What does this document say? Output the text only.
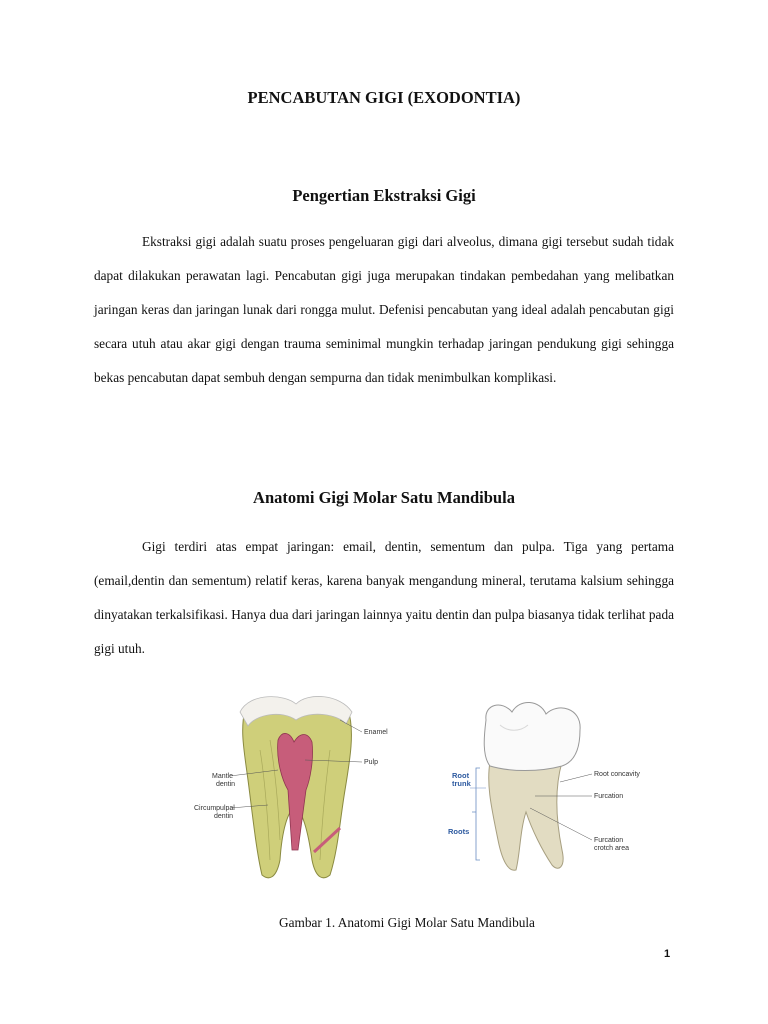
PENCABUTAN GIGI (EXODONTIA)
Pengertian Ekstraksi Gigi

Ekstraksi gigi adalah suatu proses pengeluaran gigi dari alveolus, dimana gigi tersebut sudah tidak dapat dilakukan perawatan lagi. Pencabutan gigi juga merupakan tindakan pembedahan yang melibatkan jaringan keras dan jaringan lunak dari rongga mulut. Defenisi pencabutan yang ideal adalah pencabutan gigi secara utuh atau akar gigi dengan trauma seminimal mungkin terhadap jaringan pendukung gigi sehingga bekas pencabutan dapat sembuh dengan sempurna dan tidak menimbulkan komplikasi.

Anatomi Gigi Molar Satu Mandibula

Gigi terdiri atas empat jaringan: email, dentin, sementum dan pulpa. Tiga yang pertama (email,dentin dan sementum) relatif keras, karena banyak mengandung mineral, terutama kalsium sehingga dinyatakan terkalsifikasi. Hanya dua dari jaringan lainnya yaitu dentin dan pulpa biasanya tidak terlihat pada gigi utuh.

Enamel
Pulp
Mantle
dentin
Circumpulpal
dentin
Root
trunk
Roots
Root concavity
Furcation
Furcation
crotch area
Gambar 1. Anatomi Gigi Molar Satu Mandibula
1
